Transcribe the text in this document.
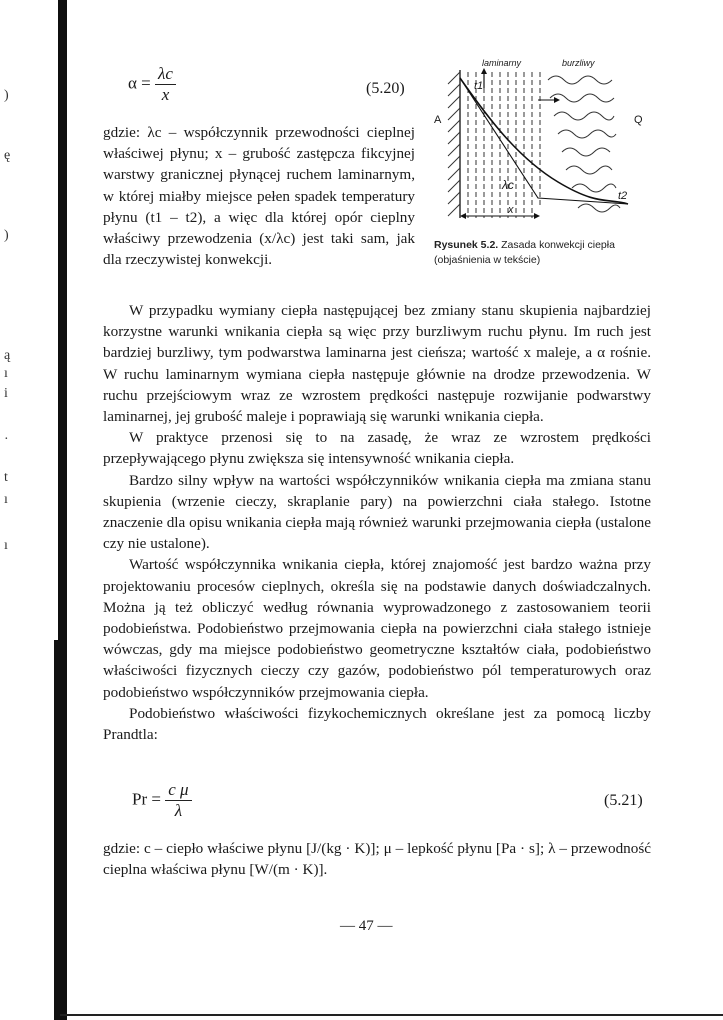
)
ę
)
ą
ı
i
·
t
ı
ı
$\alpha = \frac{\lambda c}{x}$	(5.20)
laminarny	burzliwy
A	Q
t1
t2
λc
x
Rysunek 5.2. Zasada konwekcji ciepła (objaśnienia w tekście)

gdzie: λc – współczynnik przewodności cieplnej właściwej płynu; x – grubość zastępcza fikcyjnej warstwy granicznej płynącej ruchem laminarnym, w której miałby miejsce pełen spadek temperatury płynu (t1 – t2), a więc dla której opór cieplny właściwy przewodzenia (x/λc) jest taki sam, jak dla rzeczywistej konwekcji.

W przypadku wymiany ciepła następującej bez zmiany stanu skupienia najbardziej korzystne warunki wnikania ciepła są więc przy burzliwym ruchu płynu. Im ruch jest bardziej burzliwy, tym podwarstwa laminarna jest cieńsza; wartość x maleje, a α rośnie. W ruchu laminarnym wymiana ciepła następuje głównie na drodze przewodzenia. W ruchu przejściowym wraz ze wzrostem prędkości następuje rozwijanie podwarstwy laminarnej, jej grubość maleje i poprawiają się warunki wnikania ciepła.

W praktyce przenosi się to na zasadę, że wraz ze wzrostem prędkości przepływającego płynu zwiększa się intensywność wnikania ciepła.

Bardzo silny wpływ na wartości współczynników wnikania ciepła ma zmiana stanu skupienia (wrzenie cieczy, skraplanie pary) na powierzchni ciała stałego. Istotne znaczenie dla opisu wnikania ciepła mają również warunki przejmowania ciepła (ustalone czy nie ustalone).

Wartość współczynnika wnikania ciepła, której znajomość jest bardzo ważna przy projektowaniu procesów cieplnych, określa się na podstawie danych doświadczalnych. Można ją też obliczyć według równania wyprowadzonego z zastosowaniem teorii podobieństwa. Podobieństwo przejmowania ciepła na powierzchni ciała stałego istnieje wówczas, gdy ma miejsce podobieństwo geometryczne kształtów ciała, podobieństwo właściwości fizycznych cieczy czy gazów, podobieństwo pól temperaturowych oraz podobieństwo współczynników przejmowania ciepła.

Podobieństwo właściwości fizykochemicznych określane jest za pomocą liczby Prandtla:

$Pr = \frac{\text{c μ}}{\lambda}$	(5.21)

gdzie: c – ciepło właściwe płynu [J/(kg · K)]; μ – lepkość płynu [Pa · s]; λ – przewodność cieplna właściwa płynu [W/(m · K)].

— 47 —
